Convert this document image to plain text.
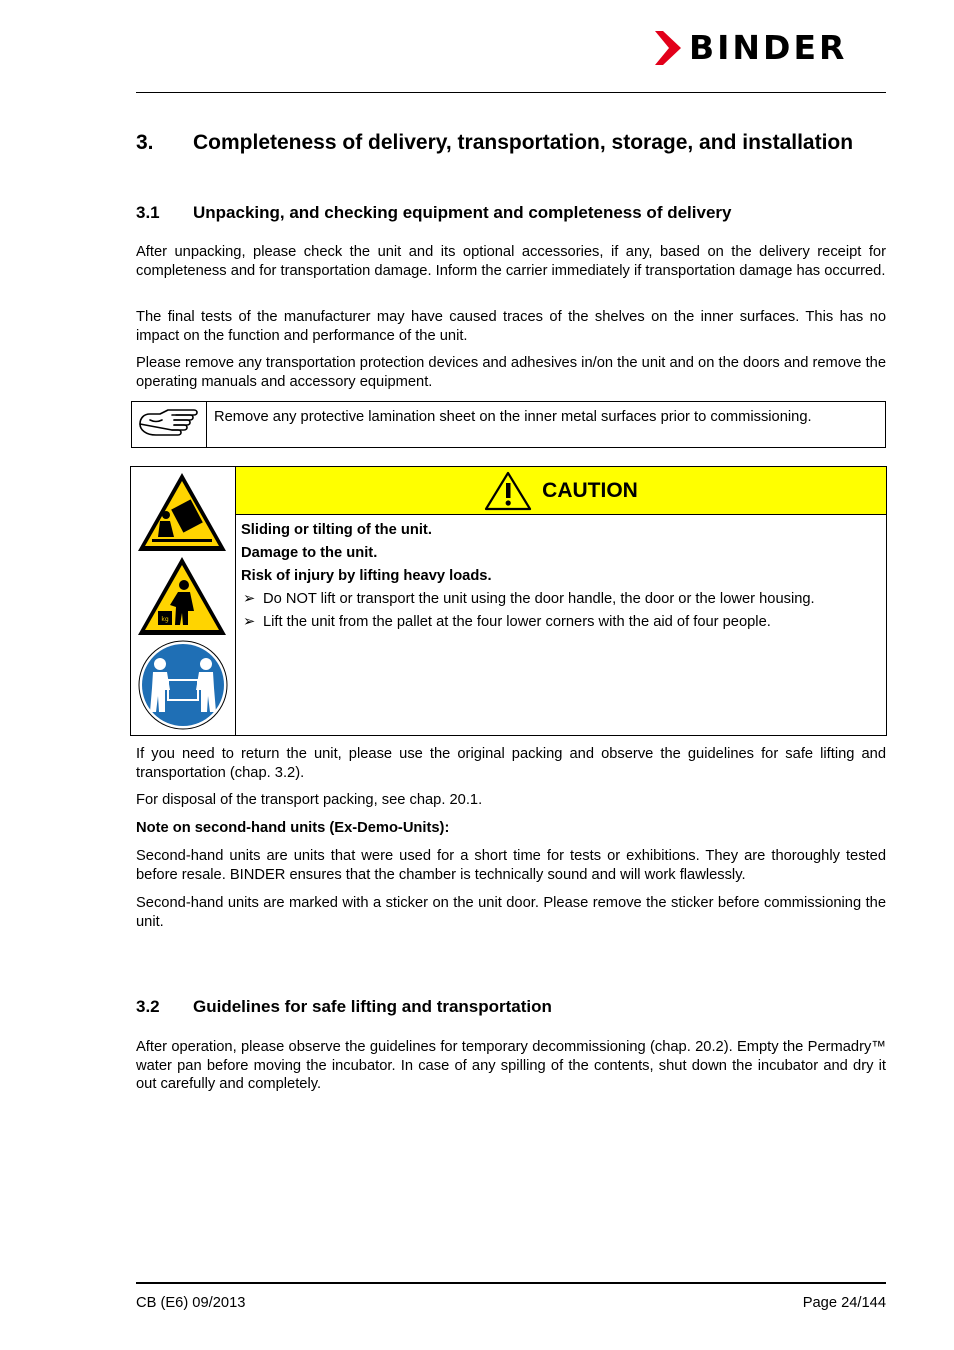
BINDER
3. Completeness of delivery, transportation, storage, and installation
3.1 Unpacking, and checking equipment and completeness of delivery
After unpacking, please check the unit and its optional accessories, if any, based on the delivery receipt for completeness and for transportation damage. Inform the carrier immediately if transportation damage has occurred.
The final tests of the manufacturer may have caused traces of the shelves on the inner surfaces. This has no impact on the function and performance of the unit.
Please remove any transportation protection devices and adhesives in/on the unit and on the doors and remove the operating manuals and accessory equipment.
Remove any protective lamination sheet on the inner metal surfaces prior to commissioning.
kg
CAUTION
Sliding or tilting of the unit.
Damage to the unit.
Risk of injury by lifting heavy loads.
➢ Do NOT lift or transport the unit using the door handle, the door or the lower housing.
➢ Lift the unit from the pallet at the four lower corners with the aid of four people.
If you need to return the unit, please use the original packing and observe the guidelines for safe lifting and transportation (chap. 3.2).
For disposal of the transport packing, see chap. 20.1.
Note on second-hand units (Ex-Demo-Units):
Second-hand units are units that were used for a short time for tests or exhibitions. They are thoroughly tested before resale. BINDER ensures that the chamber is technically sound and will work flawlessly.
Second-hand units are marked with a sticker on the unit door. Please remove the sticker before commissioning the unit.
3.2 Guidelines for safe lifting and transportation
After operation, please observe the guidelines for temporary decommissioning (chap. 20.2). Empty the Permadry™ water pan before moving the incubator. In case of any spilling of the contents, shut down the incubator and dry it out carefully and completely.
CB (E6) 09/2013	Page 24/144
